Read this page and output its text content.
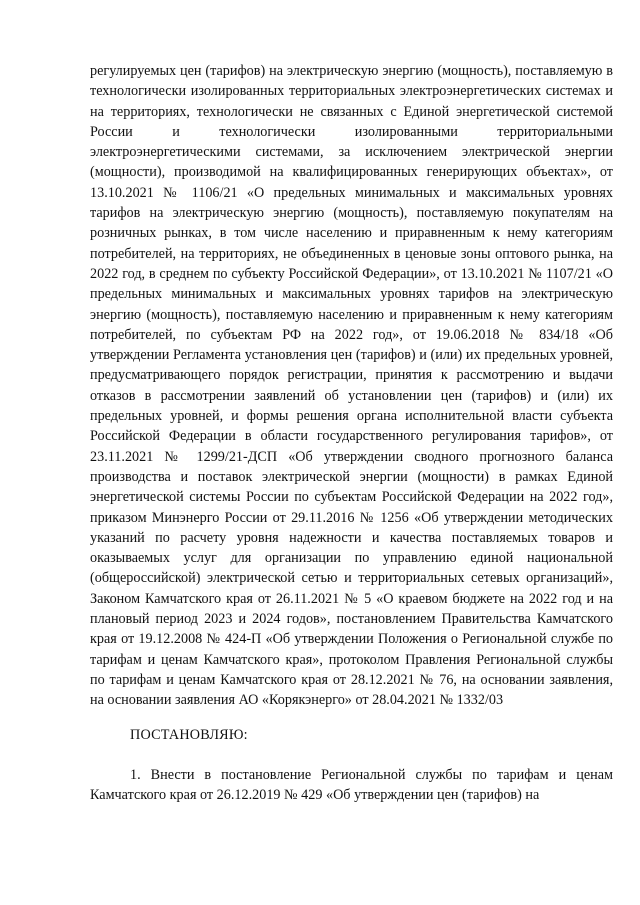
регулируемых цен (тарифов) на электрическую энергию (мощность), поставляемую в технологически изолированных территориальных электроэнергетических системах и на территориях, технологически не связанных с Единой энергетической системой России и технологически изолированными территориальными электроэнергетическими системами, за исключением электрической энергии (мощности), производимой на квалифицированных генерирующих объектах», от 13.10.2021 № 1106/21 «О предельных минимальных и максимальных уровнях тарифов на электрическую энергию (мощность), поставляемую покупателям на розничных рынках, в том числе населению и приравненным к нему категориям потребителей, на территориях, не объединенных в ценовые зоны оптового рынка, на 2022 год, в среднем по субъекту Российской Федерации», от 13.10.2021 № 1107/21 «О предельных минимальных и максимальных уровнях тарифов на электрическую энергию (мощность), поставляемую населению и приравненным к нему категориям потребителей, по субъектам РФ на 2022 год», от 19.06.2018 № 834/18 «Об утверждении Регламента установления цен (тарифов) и (или) их предельных уровней, предусматривающего порядок регистрации, принятия к рассмотрению и выдачи отказов в рассмотрении заявлений об установлении цен (тарифов) и (или) их предельных уровней, и формы решения органа исполнительной власти субъекта Российской Федерации в области государственного регулирования тарифов», от 23.11.2021 № 1299/21-ДСП «Об утверждении сводного прогнозного баланса производства и поставок электрической энергии (мощности) в рамках Единой энергетической системы России по субъектам Российской Федерации на 2022 год», приказом Минэнерго России от 29.11.2016 № 1256 «Об утверждении методических указаний по расчету уровня надежности и качества поставляемых товаров и оказываемых услуг для организации по управлению единой национальной (общероссийской) электрической сетью и территориальных сетевых организаций», Законом Камчатского края от 26.11.2021 № 5 «О краевом бюджете на 2022 год и на плановый период 2023 и 2024 годов», постановлением Правительства Камчатского края от 19.12.2008 № 424-П «Об утверждении Положения о Региональной службе по тарифам и ценам Камчатского края», протоколом Правления Региональной службы по тарифам и ценам Камчатского края от 28.12.2021 № 76, на основании заявления, на основании заявления АО «Корякэнерго» от 28.04.2021 № 1332/03

ПОСТАНОВЛЯЮ:

1. Внести в постановление Региональной службы по тарифам и ценам Камчатского края от 26.12.2019 № 429 «Об утверждении цен (тарифов) на
